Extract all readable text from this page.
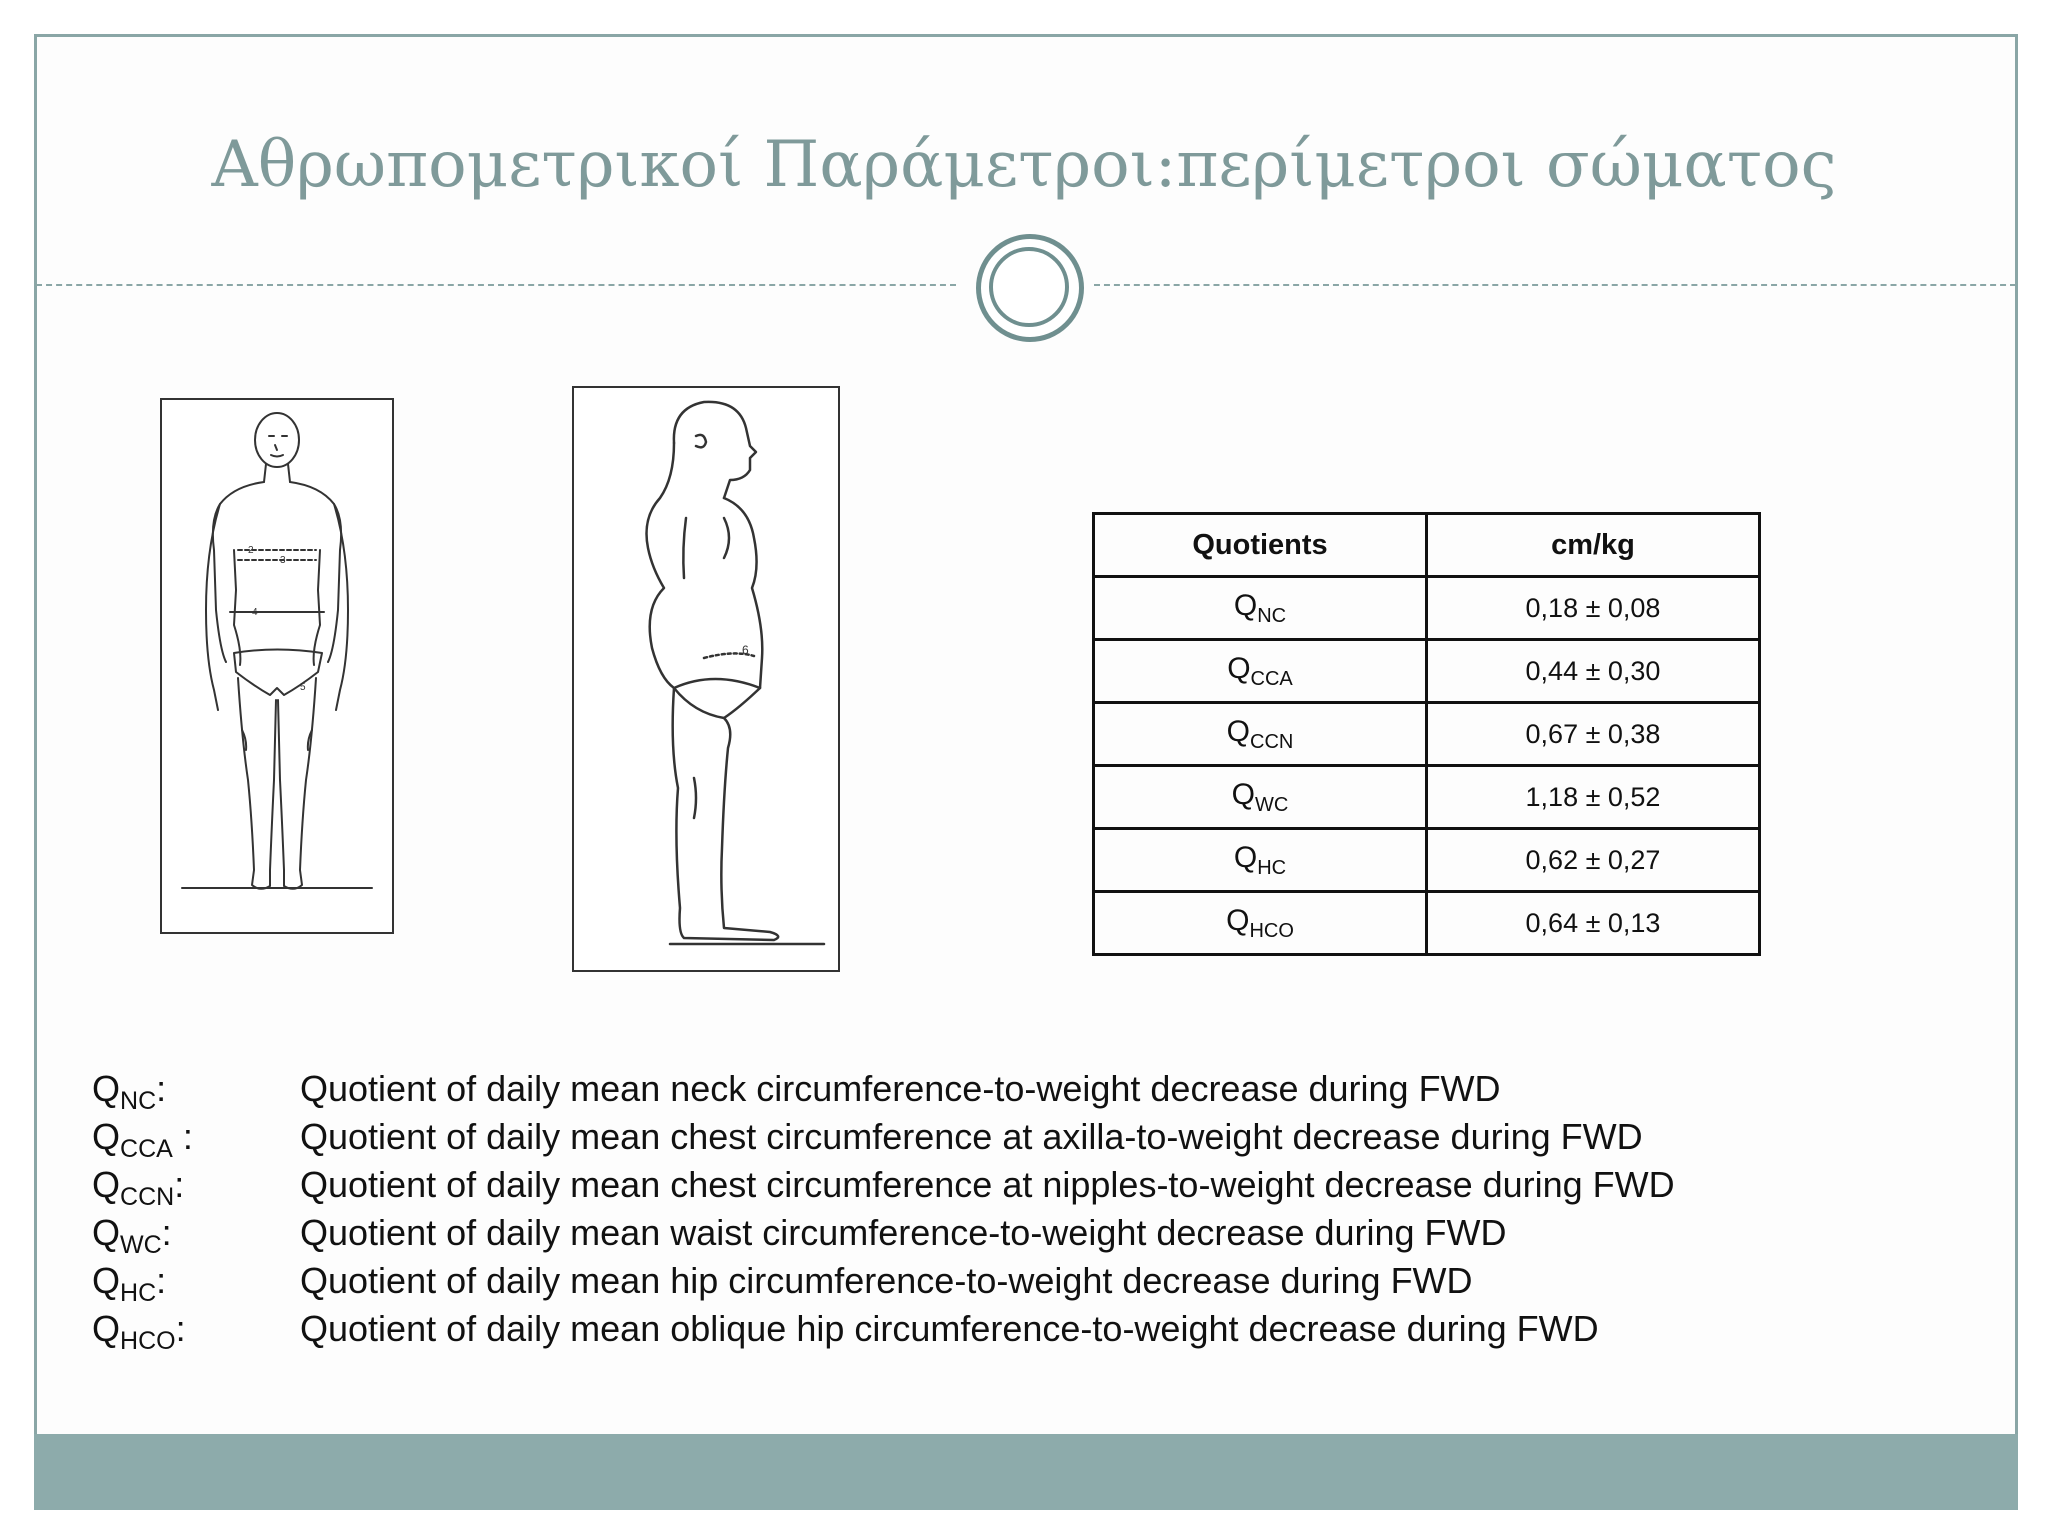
Αθρωπομετρικοί Παράμετροι:περίμετροι σώματος
2
3
4
5
6
Quotients	cm/kg
$Q_{NC}$	0,18 ± 0,08
$Q_{CCA}$	0,44 ± 0,30
$Q_{CCN}$	0,67 ± 0,38
$Q_{WC}$	1,18 ± 0,52
$Q_{HC}$	0,62 ± 0,27
$Q_{HCO}$	0,64 ± 0,13
$Q_{NC}$:	Quotient of daily mean neck circumference-to-weight decrease during FWD
$Q_{CCA}$ :	Quotient of daily mean chest circumference at axilla-to-weight decrease during FWD
$Q_{CCN}$:	Quotient of daily mean chest circumference at nipples-to-weight decrease during FWD
$Q_{WC}$:	Quotient of daily mean waist circumference-to-weight decrease during FWD
$Q_{HC}$:	Quotient of daily mean hip circumference-to-weight decrease during FWD
$Q_{HCO}$:	Quotient of daily mean oblique hip circumference-to-weight decrease during FWD
